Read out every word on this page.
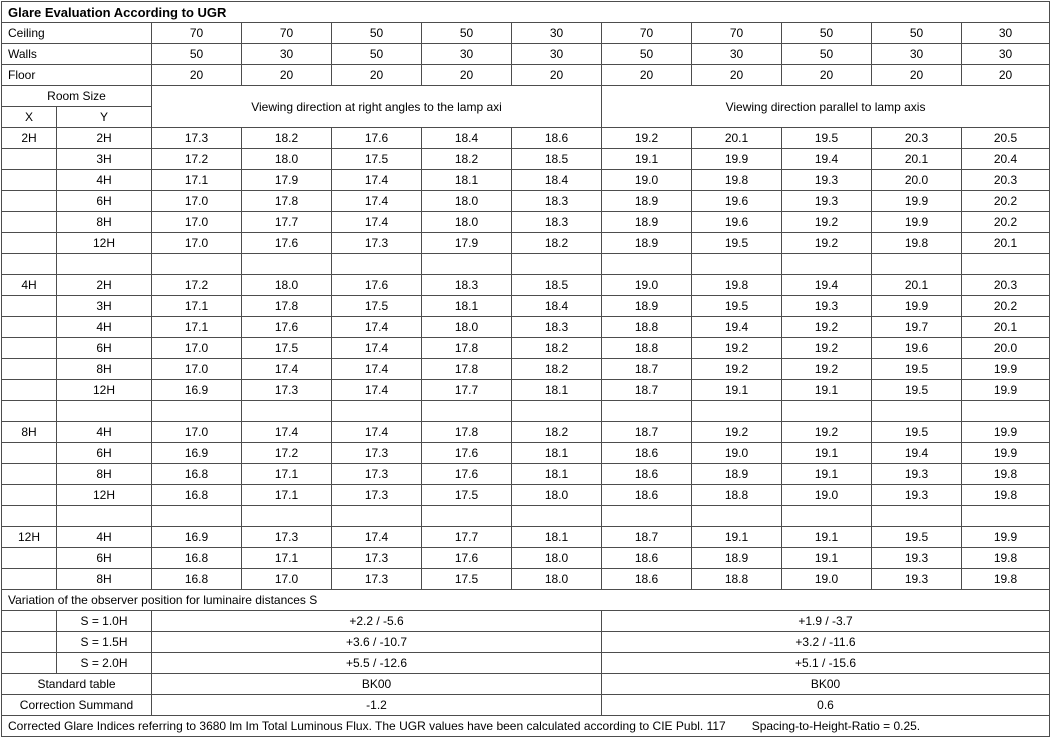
Glare Evaluation According to UGR											
Ceiling		70	70	50	50	30	70	70	50	50	30
Walls		50	30	50	30	30	50	30	50	30	30
Floor		20	20	20	20	20	20	20	20	20	20
Room Size		Viewing direction at right angles to the lamp axi					Viewing direction parallel to lamp axis				
X	Y										
2H	2H	17.3	18.2	17.6	18.4	18.6	19.2	20.1	19.5	20.3	20.5
	3H	17.2	18.0	17.5	18.2	18.5	19.1	19.9	19.4	20.1	20.4
	4H	17.1	17.9	17.4	18.1	18.4	19.0	19.8	19.3	20.0	20.3
	6H	17.0	17.8	17.4	18.0	18.3	18.9	19.6	19.3	19.9	20.2
	8H	17.0	17.7	17.4	18.0	18.3	18.9	19.6	19.2	19.9	20.2
	12H	17.0	17.6	17.3	17.9	18.2	18.9	19.5	19.2	19.8	20.1

4H	2H	17.2	18.0	17.6	18.3	18.5	19.0	19.8	19.4	20.1	20.3
	3H	17.1	17.8	17.5	18.1	18.4	18.9	19.5	19.3	19.9	20.2
	4H	17.1	17.6	17.4	18.0	18.3	18.8	19.4	19.2	19.7	20.1
	6H	17.0	17.5	17.4	17.8	18.2	18.8	19.2	19.2	19.6	20.0
	8H	17.0	17.4	17.4	17.8	18.2	18.7	19.2	19.2	19.5	19.9
	12H	16.9	17.3	17.4	17.7	18.1	18.7	19.1	19.1	19.5	19.9

8H	4H	17.0	17.4	17.4	17.8	18.2	18.7	19.2	19.2	19.5	19.9
	6H	16.9	17.2	17.3	17.6	18.1	18.6	19.0	19.1	19.4	19.9
	8H	16.8	17.1	17.3	17.6	18.1	18.6	18.9	19.1	19.3	19.8
	12H	16.8	17.1	17.3	17.5	18.0	18.6	18.8	19.0	19.3	19.8

12H	4H	16.9	17.3	17.4	17.7	18.1	18.7	19.1	19.1	19.5	19.9
	6H	16.8	17.1	17.3	17.6	18.0	18.6	18.9	19.1	19.3	19.8
	8H	16.8	17.0	17.3	17.5	18.0	18.6	18.8	19.0	19.3	19.8
Variation of the observer position for luminaire distances S											
	S = 1.0H	+2.2 / -5.6					+1.9 / -3.7				
	S = 1.5H	+3.6 / -10.7					+3.2 / -11.6				
	S = 2.0H	+5.5 / -12.6					+5.1 / -15.6				
Standard table		BK00					BK00				
Correction Summand		-1.2					0.6				
Corrected Glare Indices referring to 3680 lm Im Total Luminous Flux. The UGR values have been calculated according to CIE Publ. 117 Spacing-to-Height-Ratio = 0.25.											
